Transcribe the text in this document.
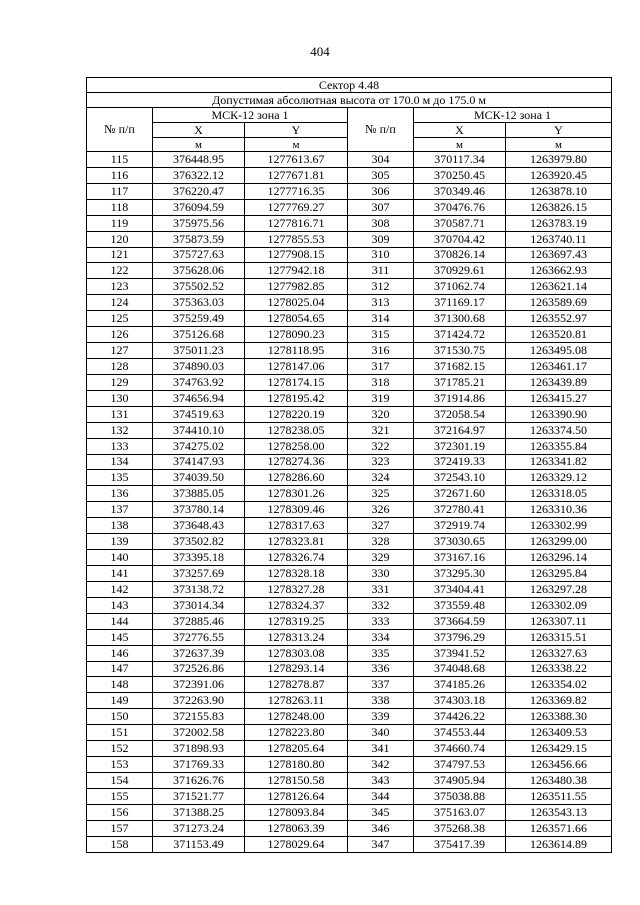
404
Сектор 4.48					
Допустимая абсолютная высота от 170.0 м до 175.0 м					
№ п/п	МСК-12 зона 1		№ п/п	МСК-12 зона 1	
	X	Y		X	Y
	м	м		м	м
115	376448.95	1277613.67	304	370117.34	1263979.80
116	376322.12	1277671.81	305	370250.45	1263920.45
117	376220.47	1277716.35	306	370349.46	1263878.10
118	376094.59	1277769.27	307	370476.76	1263826.15
119	375975.56	1277816.71	308	370587.71	1263783.19
120	375873.59	1277855.53	309	370704.42	1263740.11
121	375727.63	1277908.15	310	370826.14	1263697.43
122	375628.06	1277942.18	311	370929.61	1263662.93
123	375502.52	1277982.85	312	371062.74	1263621.14
124	375363.03	1278025.04	313	371169.17	1263589.69
125	375259.49	1278054.65	314	371300.68	1263552.97
126	375126.68	1278090.23	315	371424.72	1263520.81
127	375011.23	1278118.95	316	371530.75	1263495.08
128	374890.03	1278147.06	317	371682.15	1263461.17
129	374763.92	1278174.15	318	371785.21	1263439.89
130	374656.94	1278195.42	319	371914.86	1263415.27
131	374519.63	1278220.19	320	372058.54	1263390.90
132	374410.10	1278238.05	321	372164.97	1263374.50
133	374275.02	1278258.00	322	372301.19	1263355.84
134	374147.93	1278274.36	323	372419.33	1263341.82
135	374039.50	1278286.60	324	372543.10	1263329.12
136	373885.05	1278301.26	325	372671.60	1263318.05
137	373780.14	1278309.46	326	372780.41	1263310.36
138	373648.43	1278317.63	327	372919.74	1263302.99
139	373502.82	1278323.81	328	373030.65	1263299.00
140	373395.18	1278326.74	329	373167.16	1263296.14
141	373257.69	1278328.18	330	373295.30	1263295.84
142	373138.72	1278327.28	331	373404.41	1263297.28
143	373014.34	1278324.37	332	373559.48	1263302.09
144	372885.46	1278319.25	333	373664.59	1263307.11
145	372776.55	1278313.24	334	373796.29	1263315.51
146	372637.39	1278303.08	335	373941.52	1263327.63
147	372526.86	1278293.14	336	374048.68	1263338.22
148	372391.06	1278278.87	337	374185.26	1263354.02
149	372263.90	1278263.11	338	374303.18	1263369.82
150	372155.83	1278248.00	339	374426.22	1263388.30
151	372002.58	1278223.80	340	374553.44	1263409.53
152	371898.93	1278205.64	341	374660.74	1263429.15
153	371769.33	1278180.80	342	374797.53	1263456.66
154	371626.76	1278150.58	343	374905.94	1263480.38
155	371521.77	1278126.64	344	375038.88	1263511.55
156	371388.25	1278093.84	345	375163.07	1263543.13
157	371273.24	1278063.39	346	375268.38	1263571.66
158	371153.49	1278029.64	347	375417.39	1263614.89
